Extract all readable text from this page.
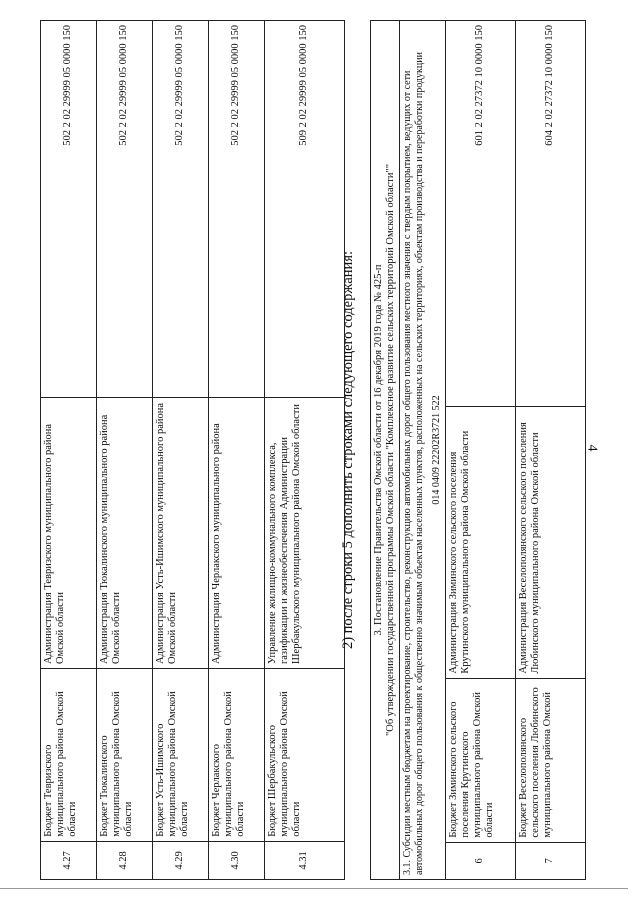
4
4.27	Бюджет Тевризского муниципального района Омской области	Администрация Тевризского муниципального района Омской области	502 2 02 29999 05 0000 150
4.28	Бюджет Тюкалинского муниципального района Омской области	Администрация Тюкалинского муниципального района Омской области	502 2 02 29999 05 0000 150
4.29	Бюджет Усть-Ишимского муниципального района Омской области	Администрация Усть-Ишимского муниципального района Омской области	502 2 02 29999 05 0000 150
4.30	Бюджет Черлакского муниципального района Омской области	Администрация Черлакского муниципального района	502 2 02 29999 05 0000 150
4.31	Бюджет Шербакульского муниципального района Омской области	Управление жилищно-коммунального комплекса, газификации и жизнеобеспечения Администрации Шербакульского муниципального района Омской области	509 2 02 29999 05 0000 150
2) после строки 5 дополнить строками следующего содержания: 3. Постановление Правительства Омской области от 16 декабря 2019 года № 425-п "Об утверждении государственной программы Омской области "Комплексное развитие сельских территорий Омской области""			

3.1. Субсидии местным бюджетам на проектирование, строительство, реконструкцию автомобильных дорог общего пользования местного значения с твердым покрытием, ведущих от сети автомобильных дорог общего пользования к общественно значимым объектам населенных пунктов, расположенных на сельских территориях, объектам производства и переработки продукции 014 0409 22202R3721 522			

6	Бюджет Зиминского сельского поселения Крутинского муниципального района Омской области	Администрация Зиминского сельского поселения Крутинского муниципального района Омской области	601 2 02 27372 10 0000 150
7	Бюджет Веселополянского сельского поселения Любинского муниципального района Омской	Администрация Веселополянского сельского поселения Любинского муниципального района Омской области	604 2 02 27372 10 0000 150
